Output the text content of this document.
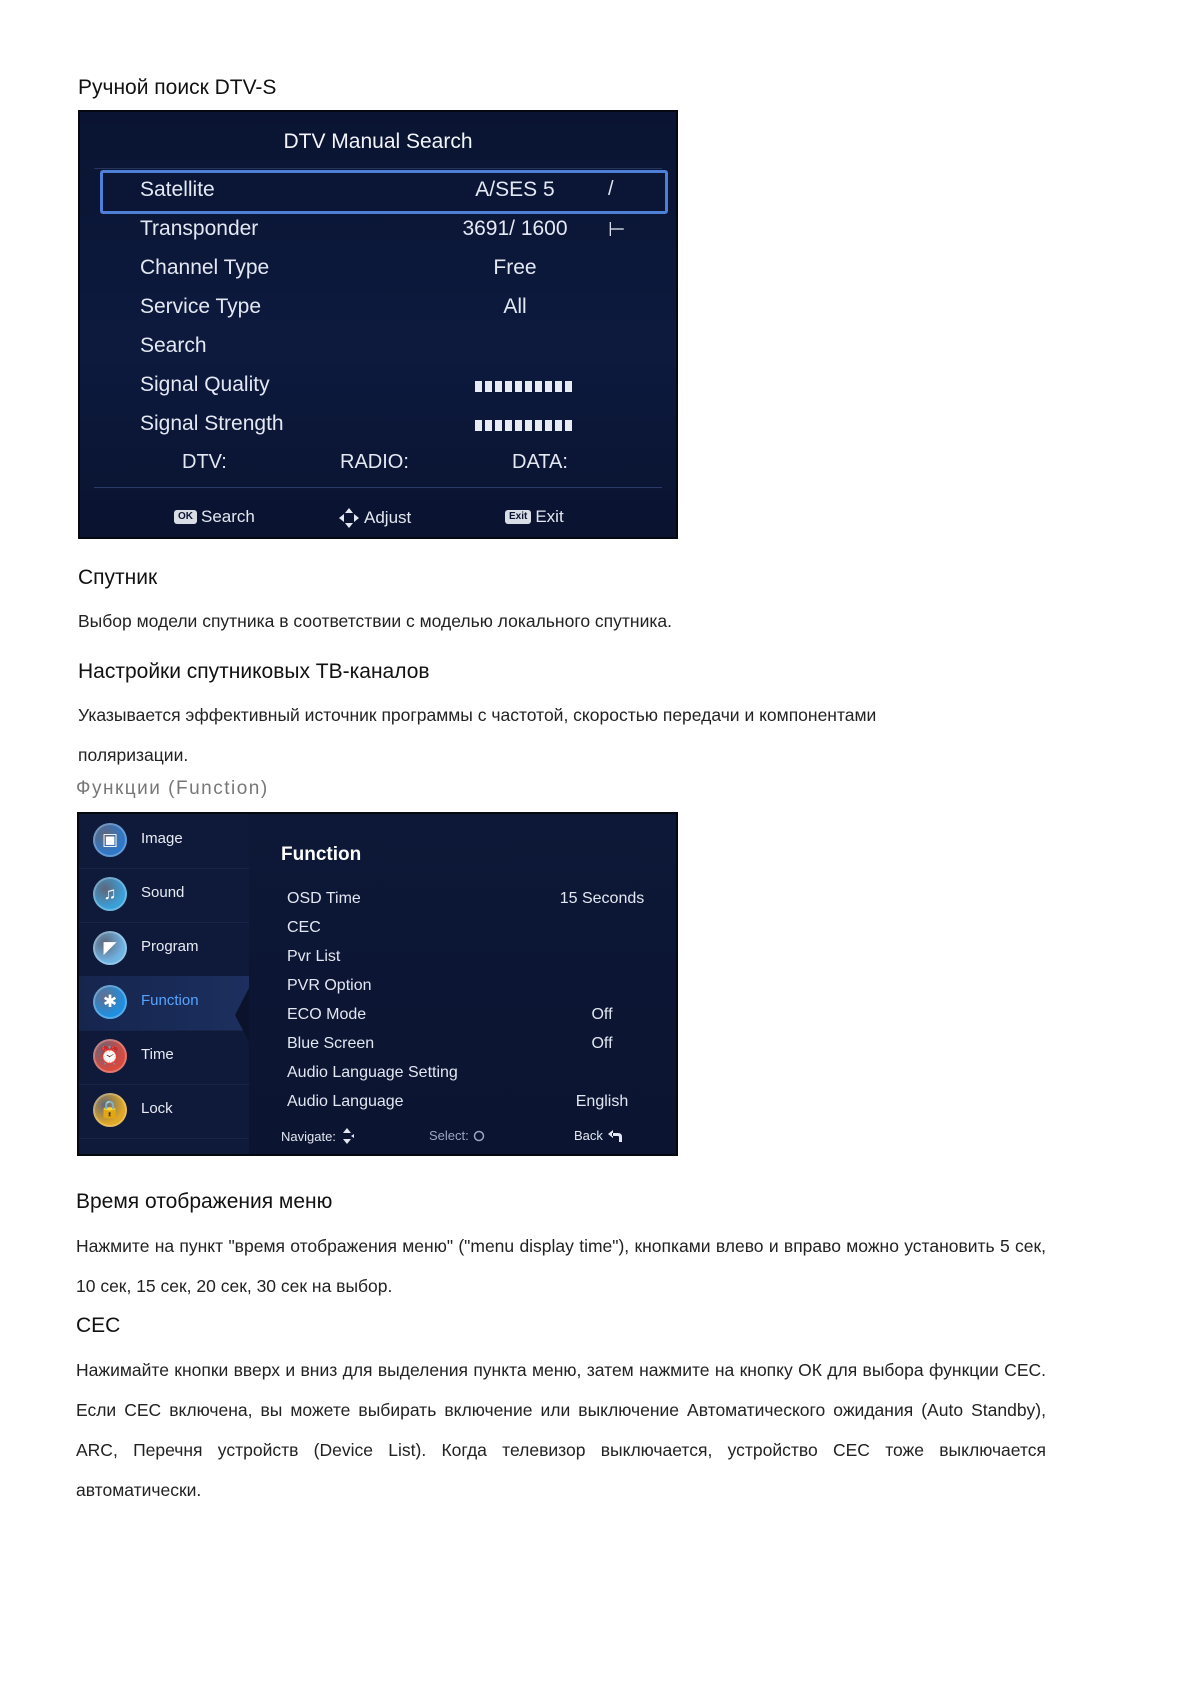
Ручной поиск DTV-S
DTV Manual Search
Satellite	A/SES 5	/
Transponder	3691/ 1600	⊢
Channel Type	Free
Service Type	All
Search
Signal Quality
Signal Strength
DTV:	RADIO:	DATA:
OK Search	Adjust	Exit Exit
Спутник
Выбор модели спутника в соответствии с моделью локального спутника.
Настройки спутниковых ТВ-каналов
Указывается эффективный источник программы с частотой, скоростью передачи и компонентами поляризации.
Функции (Function)
▣	Image
♫	Sound
◤	Program
✱	Function
⏰	Time
🔒	Lock
Function
OSD Time	15 Seconds
CEC
Pvr List
PVR Option
ECO Mode	Off
Blue Screen	Off
Audio Language Setting
Audio Language	English
Navigate:	Select:	Back
Время отображения меню
Нажмите на пункт "время отображения меню" ("menu display time"), кнопками влево и вправо можно установить 5 сек, 10 сек, 15 сек, 20 сек, 30 сек на выбор.
CEC
Нажимайте кнопки вверх и вниз для выделения пункта меню, затем нажмите на кнопку ОК для выбора функции CEC. Если CEC включена, вы можете выбирать включение или выключение Автоматического ожидания (Auto Standby), ARC, Перечня устройств (Device List). Когда телевизор выключается, устройство CEC тоже выключается автоматически.
